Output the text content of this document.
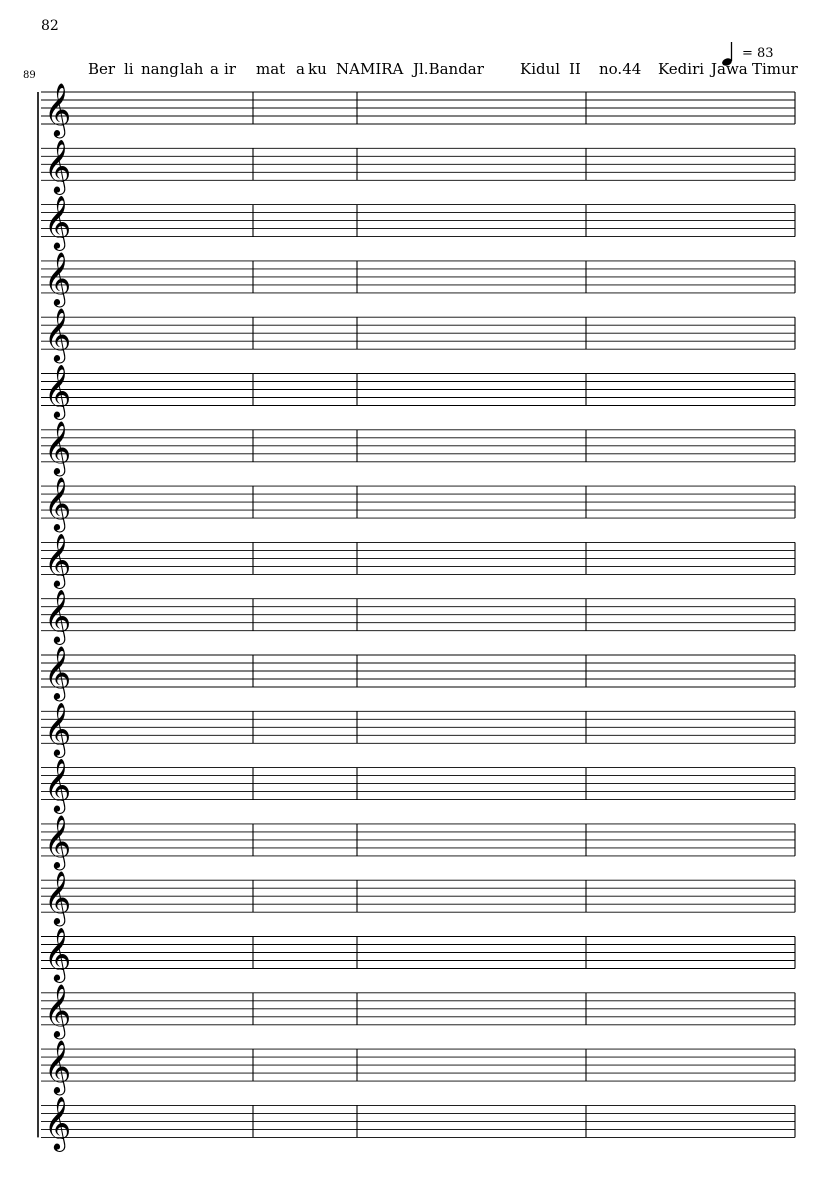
82
89
= 83
Ber li nang lah a ir mat a ku NAMIRA Jl.Bandar Kidul II no.44 Kediri Jawa Timur
𝄞
𝄞
𝄞
𝄞
𝄞
𝄞
𝄞
𝄞
𝄞
𝄞
𝄞
𝄞
𝄞
𝄞
𝄞
𝄞
𝄞
𝄞
𝄞
